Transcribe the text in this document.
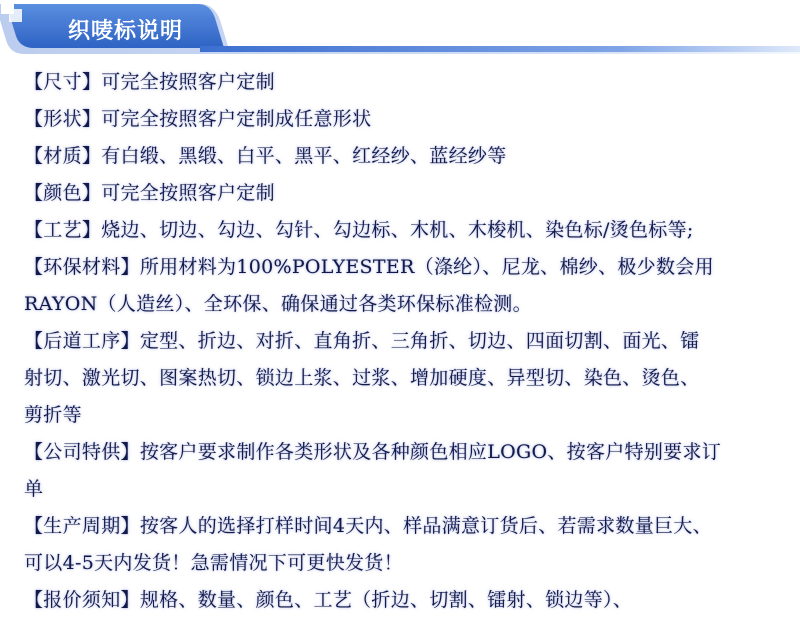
织唛标说明
【尺寸】可完全按照客户定制
【形状】可完全按照客户定制成任意形状
【材质】有白缎、黑缎、白平、黑平、红经纱、蓝经纱等
【颜色】可完全按照客户定制
【工艺】烧边、切边、勾边、勾针、勾边标、木机、木梭机、染色标/烫色标等;
【环保材料】所用材料为100%POLYESTER（涤纶）、尼龙、棉纱、极少数会用
RAYON（人造丝）、全环保、确保通过各类环保标准检测。
【后道工序】定型、折边、对折、直角折、三角折、切边、四面切割、面光、镭
射切、激光切、图案热切、锁边上浆、过浆、增加硬度、异型切、染色、烫色、
剪折等
【公司特供】按客户要求制作各类形状及各种颜色相应LOGO、按客户特别要求订
单
【生产周期】按客人的选择打样时间4天内、样品满意订货后、若需求数量巨大、
可以4-5天内发货！急需情况下可更快发货！
【报价须知】规格、数量、颜色、工艺（折边、切割、镭射、锁边等）、
